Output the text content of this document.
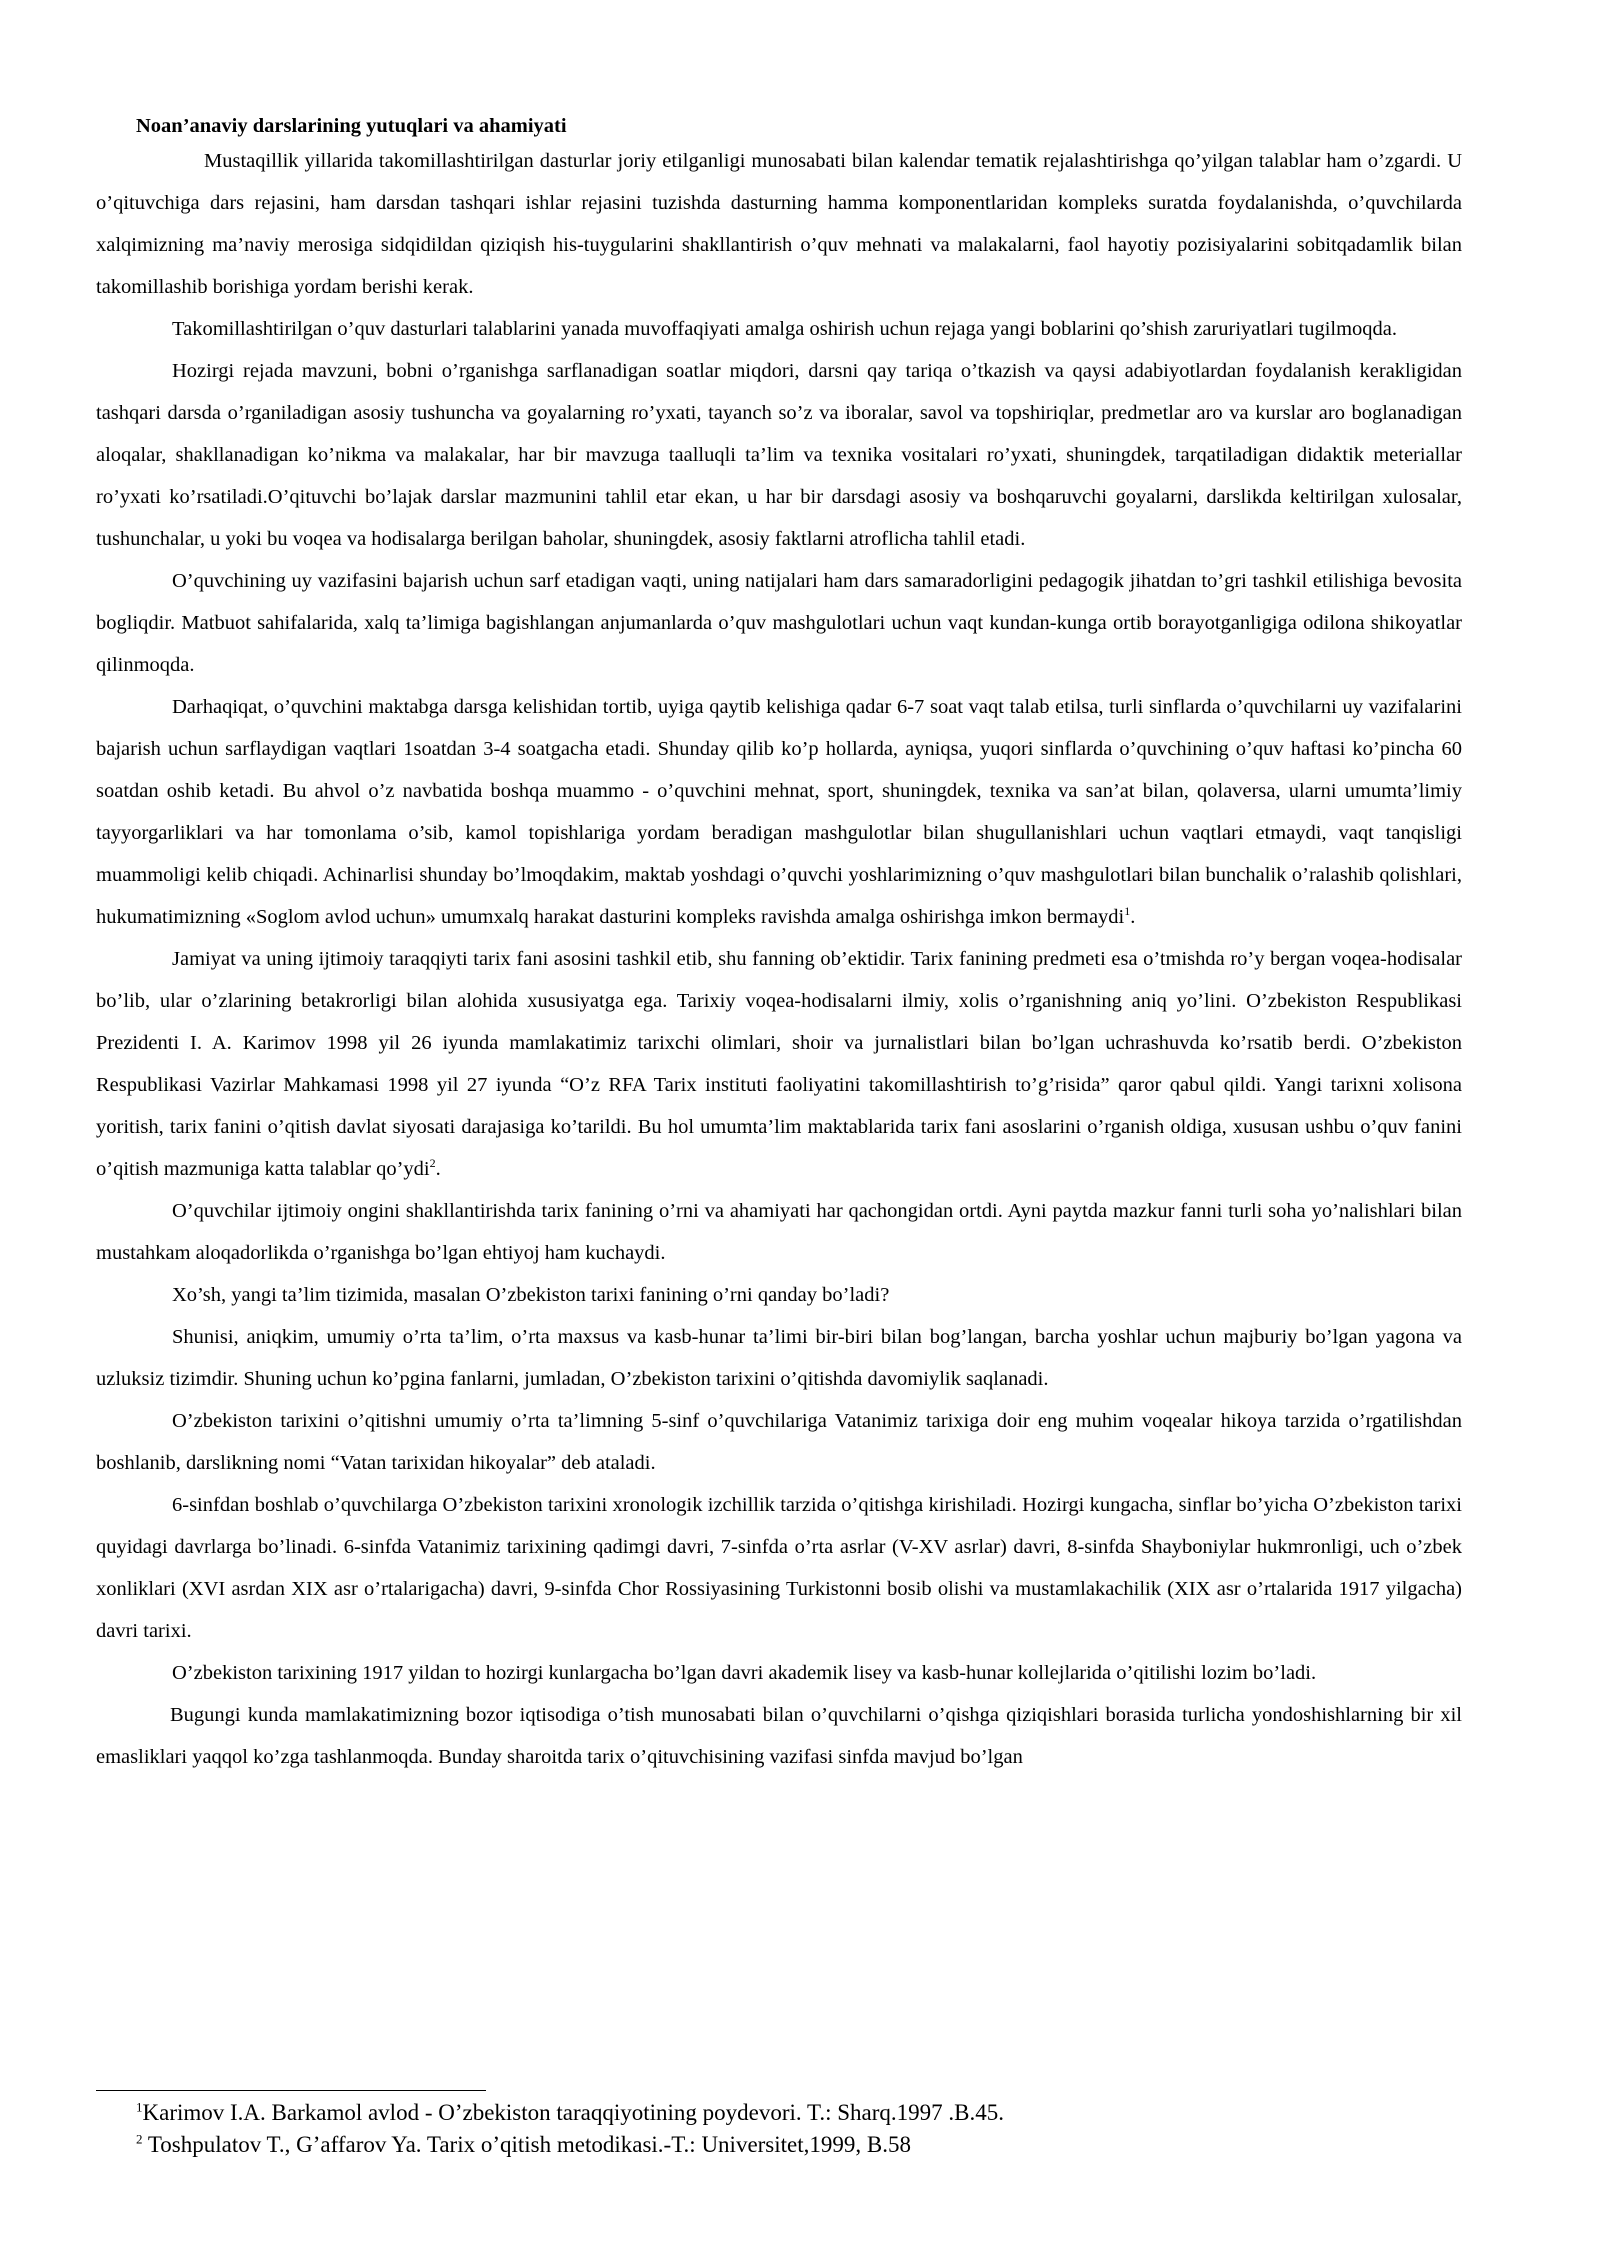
Noan’anaviy darslarining yutuqlari va ahamiyati

Mustaqillik yillarida takomillashtirilgan dasturlar joriy etilganligi munosabati bilan kalendar tematik rejalashtirishga qo’yilgan talablar ham o’zgardi. U o’qituvchiga dars rejasini, ham darsdan tashqari ishlar rejasini tuzishda dasturning hamma komponentlaridan kompleks suratda foydalanishda, o’quvchilarda xalqimizning ma’naviy merosiga sidqidildan qiziqish his-tuygularini shakllantirish o’quv mehnati va malakalarni, faol hayotiy pozisiyalarini sobitqadamlik bilan takomillashib borishiga yordam berishi kerak.

Takomillashtirilgan o’quv dasturlari talablarini yanada muvoffaqiyati amalga oshirish uchun rejaga yangi boblarini qo’shish zaruriyatlari tugilmoqda.

Hozirgi rejada mavzuni, bobni o’rganishga sarflanadigan soatlar miqdori, darsni qay tariqa o’tkazish va qaysi adabiyotlardan foydalanish kerakligidan tashqari darsda o’rganiladigan asosiy tushuncha va goyalarning ro’yxati, tayanch so’z va iboralar, savol va topshiriqlar, predmetlar aro va kurslar aro boglanadigan aloqalar, shakllanadigan ko’nikma va malakalar, har bir mavzuga taalluqli ta’lim va texnika vositalari ro’yxati, shuningdek, tarqatiladigan didaktik meteriallar ro’yxati ko’rsatiladi.O’qituvchi bo’lajak darslar mazmunini tahlil etar ekan, u har bir darsdagi asosiy va boshqaruvchi goyalarni, darslikda keltirilgan xulosalar, tushunchalar, u yoki bu voqea va hodisalarga berilgan baholar, shuningdek, asosiy faktlarni atroflicha tahlil etadi.

O’quvchining uy vazifasini bajarish uchun sarf etadigan vaqti, uning natijalari ham dars samaradorligini pedagogik jihatdan to’gri tashkil etilishiga bevosita bogliqdir. Matbuot sahifalarida, xalq ta’limiga bagishlangan anjumanlarda o’quv mashgulotlari uchun vaqt kundan-kunga ortib borayotganligiga odilona shikoyatlar qilinmoqda.

Darhaqiqat, o’quvchini maktabga darsga kelishidan tortib, uyiga qaytib kelishiga qadar 6-7 soat vaqt talab etilsa, turli sinflarda o’quvchilarni uy vazifalarini bajarish uchun sarflaydigan vaqtlari 1soatdan 3-4 soatgacha etadi. Shunday qilib ko’p hollarda, ayniqsa, yuqori sinflarda o’quvchining o’quv haftasi ko’pincha 60 soatdan oshib ketadi. Bu ahvol o’z navbatida boshqa muammo - o’quvchini mehnat, sport, shuningdek, texnika va san’at bilan, qolaversa, ularni umumta’limiy tayyorgarliklari va har tomonlama o’sib, kamol topishlariga yordam beradigan mashgulotlar bilan shugullanishlari uchun vaqtlari etmaydi, vaqt tanqisligi muammoligi kelib chiqadi. Achinarlisi shunday bo’lmoqdakim, maktab yoshdagi o’quvchi yoshlarimizning o’quv mashgulotlari bilan bunchalik o’ralashib qolishlari, hukumatimizning «Soglom avlod uchun» umumxalq harakat dasturini kompleks ravishda amalga oshirishga imkon bermaydi$^1$.

Jamiyat va uning ijtimoiy taraqqiyti tarix fani asosini tashkil etib, shu fanning ob’ektidir. Tarix fanining predmeti esa o’tmishda ro’y bergan voqea-hodisalar bo’lib, ular o’zlarining betakrorligi bilan alohida xususiyatga ega. Tarixiy voqea-hodisalarni ilmiy, xolis o’rganishning aniq yo’lini. O’zbekiston Respublikasi Prezidenti I. A. Karimov 1998 yil 26 iyunda mamlakatimiz tarixchi olimlari, shoir va jurnalistlari bilan bo’lgan uchrashuvda ko’rsatib berdi. O’zbekiston Respublikasi Vazirlar Mahkamasi 1998 yil 27 iyunda “O’z RFA Tarix instituti faoliyatini takomillashtirish to’g’risida” qaror qabul qildi. Yangi tarixni xolisona yoritish, tarix fanini o’qitish davlat siyosati darajasiga ko’tarildi. Bu hol umumta’lim maktablarida tarix fani asoslarini o’rganish oldiga, xususan ushbu o’quv fanini o’qitish mazmuniga katta talablar qo’ydi$^2$.

O’quvchilar ijtimoiy ongini shakllantirishda tarix fanining o’rni va ahamiyati har qachongidan ortdi. Ayni paytda mazkur fanni turli soha yo’nalishlari bilan mustahkam aloqadorlikda o’rganishga bo’lgan ehtiyoj ham kuchaydi.

Xo’sh, yangi ta’lim tizimida, masalan O’zbekiston tarixi fanining o’rni qanday bo’ladi?

Shunisi, aniqkim, umumiy o’rta ta’lim, o’rta maxsus va kasb-hunar ta’limi bir-biri bilan bog’langan, barcha yoshlar uchun majburiy bo’lgan yagona va uzluksiz tizimdir. Shuning uchun ko’pgina fanlarni, jumladan, O’zbekiston tarixini o’qitishda davomiylik saqlanadi.

O’zbekiston tarixini o’qitishni umumiy o’rta ta’limning 5-sinf o’quvchilariga Vatanimiz tarixiga doir eng muhim voqealar hikoya tarzida o’rgatilishdan boshlanib, darslikning nomi “Vatan tarixidan hikoyalar” deb ataladi.

6-sinfdan boshlab o’quvchilarga O’zbekiston tarixini xronologik izchillik tarzida o’qitishga kirishiladi. Hozirgi kungacha, sinflar bo’yicha O’zbekiston tarixi quyidagi davrlarga bo’linadi. 6-sinfda Vatanimiz tarixining qadimgi davri, 7-sinfda o’rta asrlar (V-XV asrlar) davri, 8-sinfda Shayboniylar hukmronligi, uch o’zbek xonliklari (XVI asrdan XIX asr o’rtalarigacha) davri, 9-sinfda Chor Rossiyasining Turkistonni bosib olishi va mustamlakachilik (XIX asr o’rtalarida 1917 yilgacha) davri tarixi.

O’zbekiston tarixining 1917 yildan to hozirgi kunlargacha bo’lgan davri akademik lisey va kasb-hunar kollejlarida o’qitilishi lozim bo’ladi.

Bugungi kunda mamlakatimizning bozor iqtisodiga o’tish munosabati bilan o’quvchilarni o’qishga qiziqishlari borasida turlicha yondoshishlarning bir xil emasliklari yaqqol ko’zga tashlanmoqda. Bunday sharoitda tarix o’qituvchisining vazifasi sinfda mavjud bo’lgan

$^1$Karimov I.A. Barkamol avlod - O’zbekiston taraqqiyotining poydevori. T.: Sharq.1997 .B.45.
$^2$ Toshpulatov T., G’affarov Ya. Tarix o’qitish metodikasi.-T.: Universitet,1999, B.58
